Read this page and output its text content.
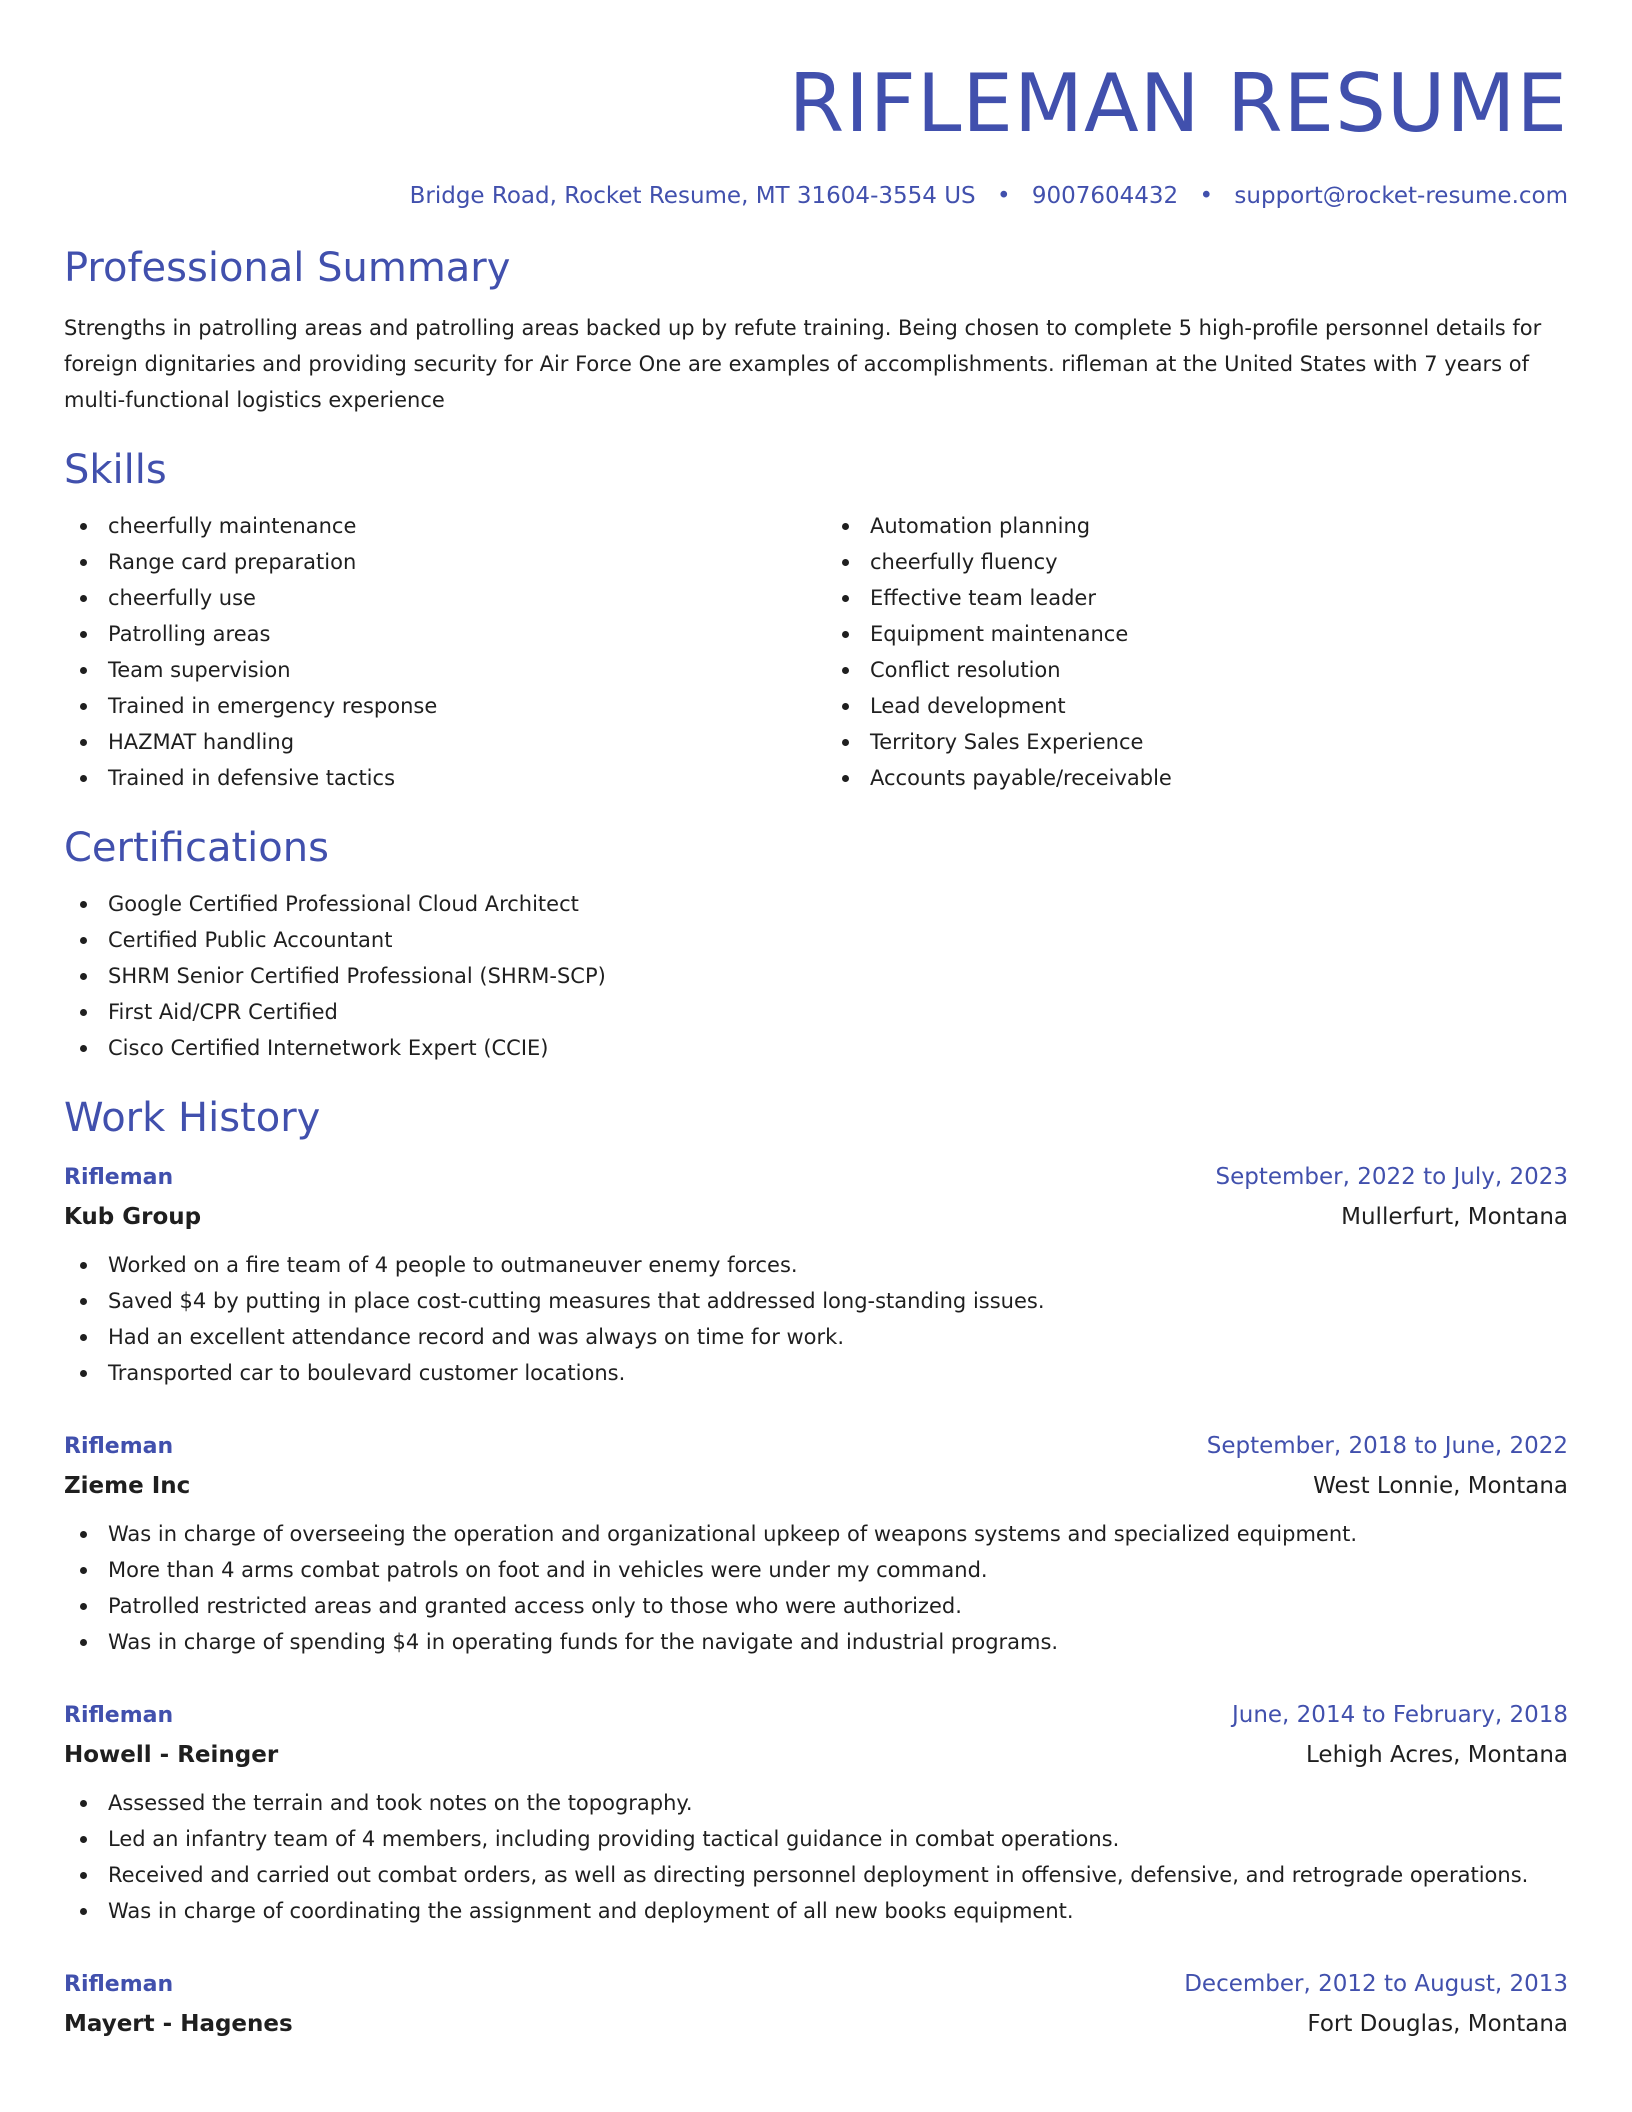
RIFLEMAN RESUME
Bridge Road, Rocket Resume, MT 31604-3554 US • 9007604432 • support@rocket-resume.com
Professional Summary

Strengths in patrolling areas and patrolling areas backed up by refute training. Being chosen to complete 5 high-profile personnel details for foreign dignitaries and providing security for Air Force One are examples of accomplishments. rifleman at the United States with 7 years of multi-functional logistics experience

Skills
cheerfully maintenance
Range card preparation
cheerfully use
Patrolling areas
Team supervision
Trained in emergency response
HAZMAT handling
Trained in defensive tactics
Automation planning
cheerfully fluency
Effective team leader
Equipment maintenance
Conflict resolution
Lead development
Territory Sales Experience
Accounts payable/receivable
Certifications
Google Certified Professional Cloud Architect
Certified Public Accountant
SHRM Senior Certified Professional (SHRM-SCP)
First Aid/CPR Certified
Cisco Certified Internetwork Expert (CCIE)
Work History
Rifleman	September, 2022 to July, 2023
Kub Group	Mullerfurt, Montana
Worked on a fire team of 4 people to outmaneuver enemy forces.
Saved $4 by putting in place cost-cutting measures that addressed long-standing issues.
Had an excellent attendance record and was always on time for work.
Transported car to boulevard customer locations.
Rifleman	September, 2018 to June, 2022
Zieme Inc	West Lonnie, Montana
Was in charge of overseeing the operation and organizational upkeep of weapons systems and specialized equipment.
More than 4 arms combat patrols on foot and in vehicles were under my command.
Patrolled restricted areas and granted access only to those who were authorized.
Was in charge of spending $4 in operating funds for the navigate and industrial programs.
Rifleman	June, 2014 to February, 2018
Howell - Reinger	Lehigh Acres, Montana
Assessed the terrain and took notes on the topography.
Led an infantry team of 4 members, including providing tactical guidance in combat operations.
Received and carried out combat orders, as well as directing personnel deployment in offensive, defensive, and retrograde operations.
Was in charge of coordinating the assignment and deployment of all new books equipment.
Rifleman	December, 2012 to August, 2013
Mayert - Hagenes	Fort Douglas, Montana
